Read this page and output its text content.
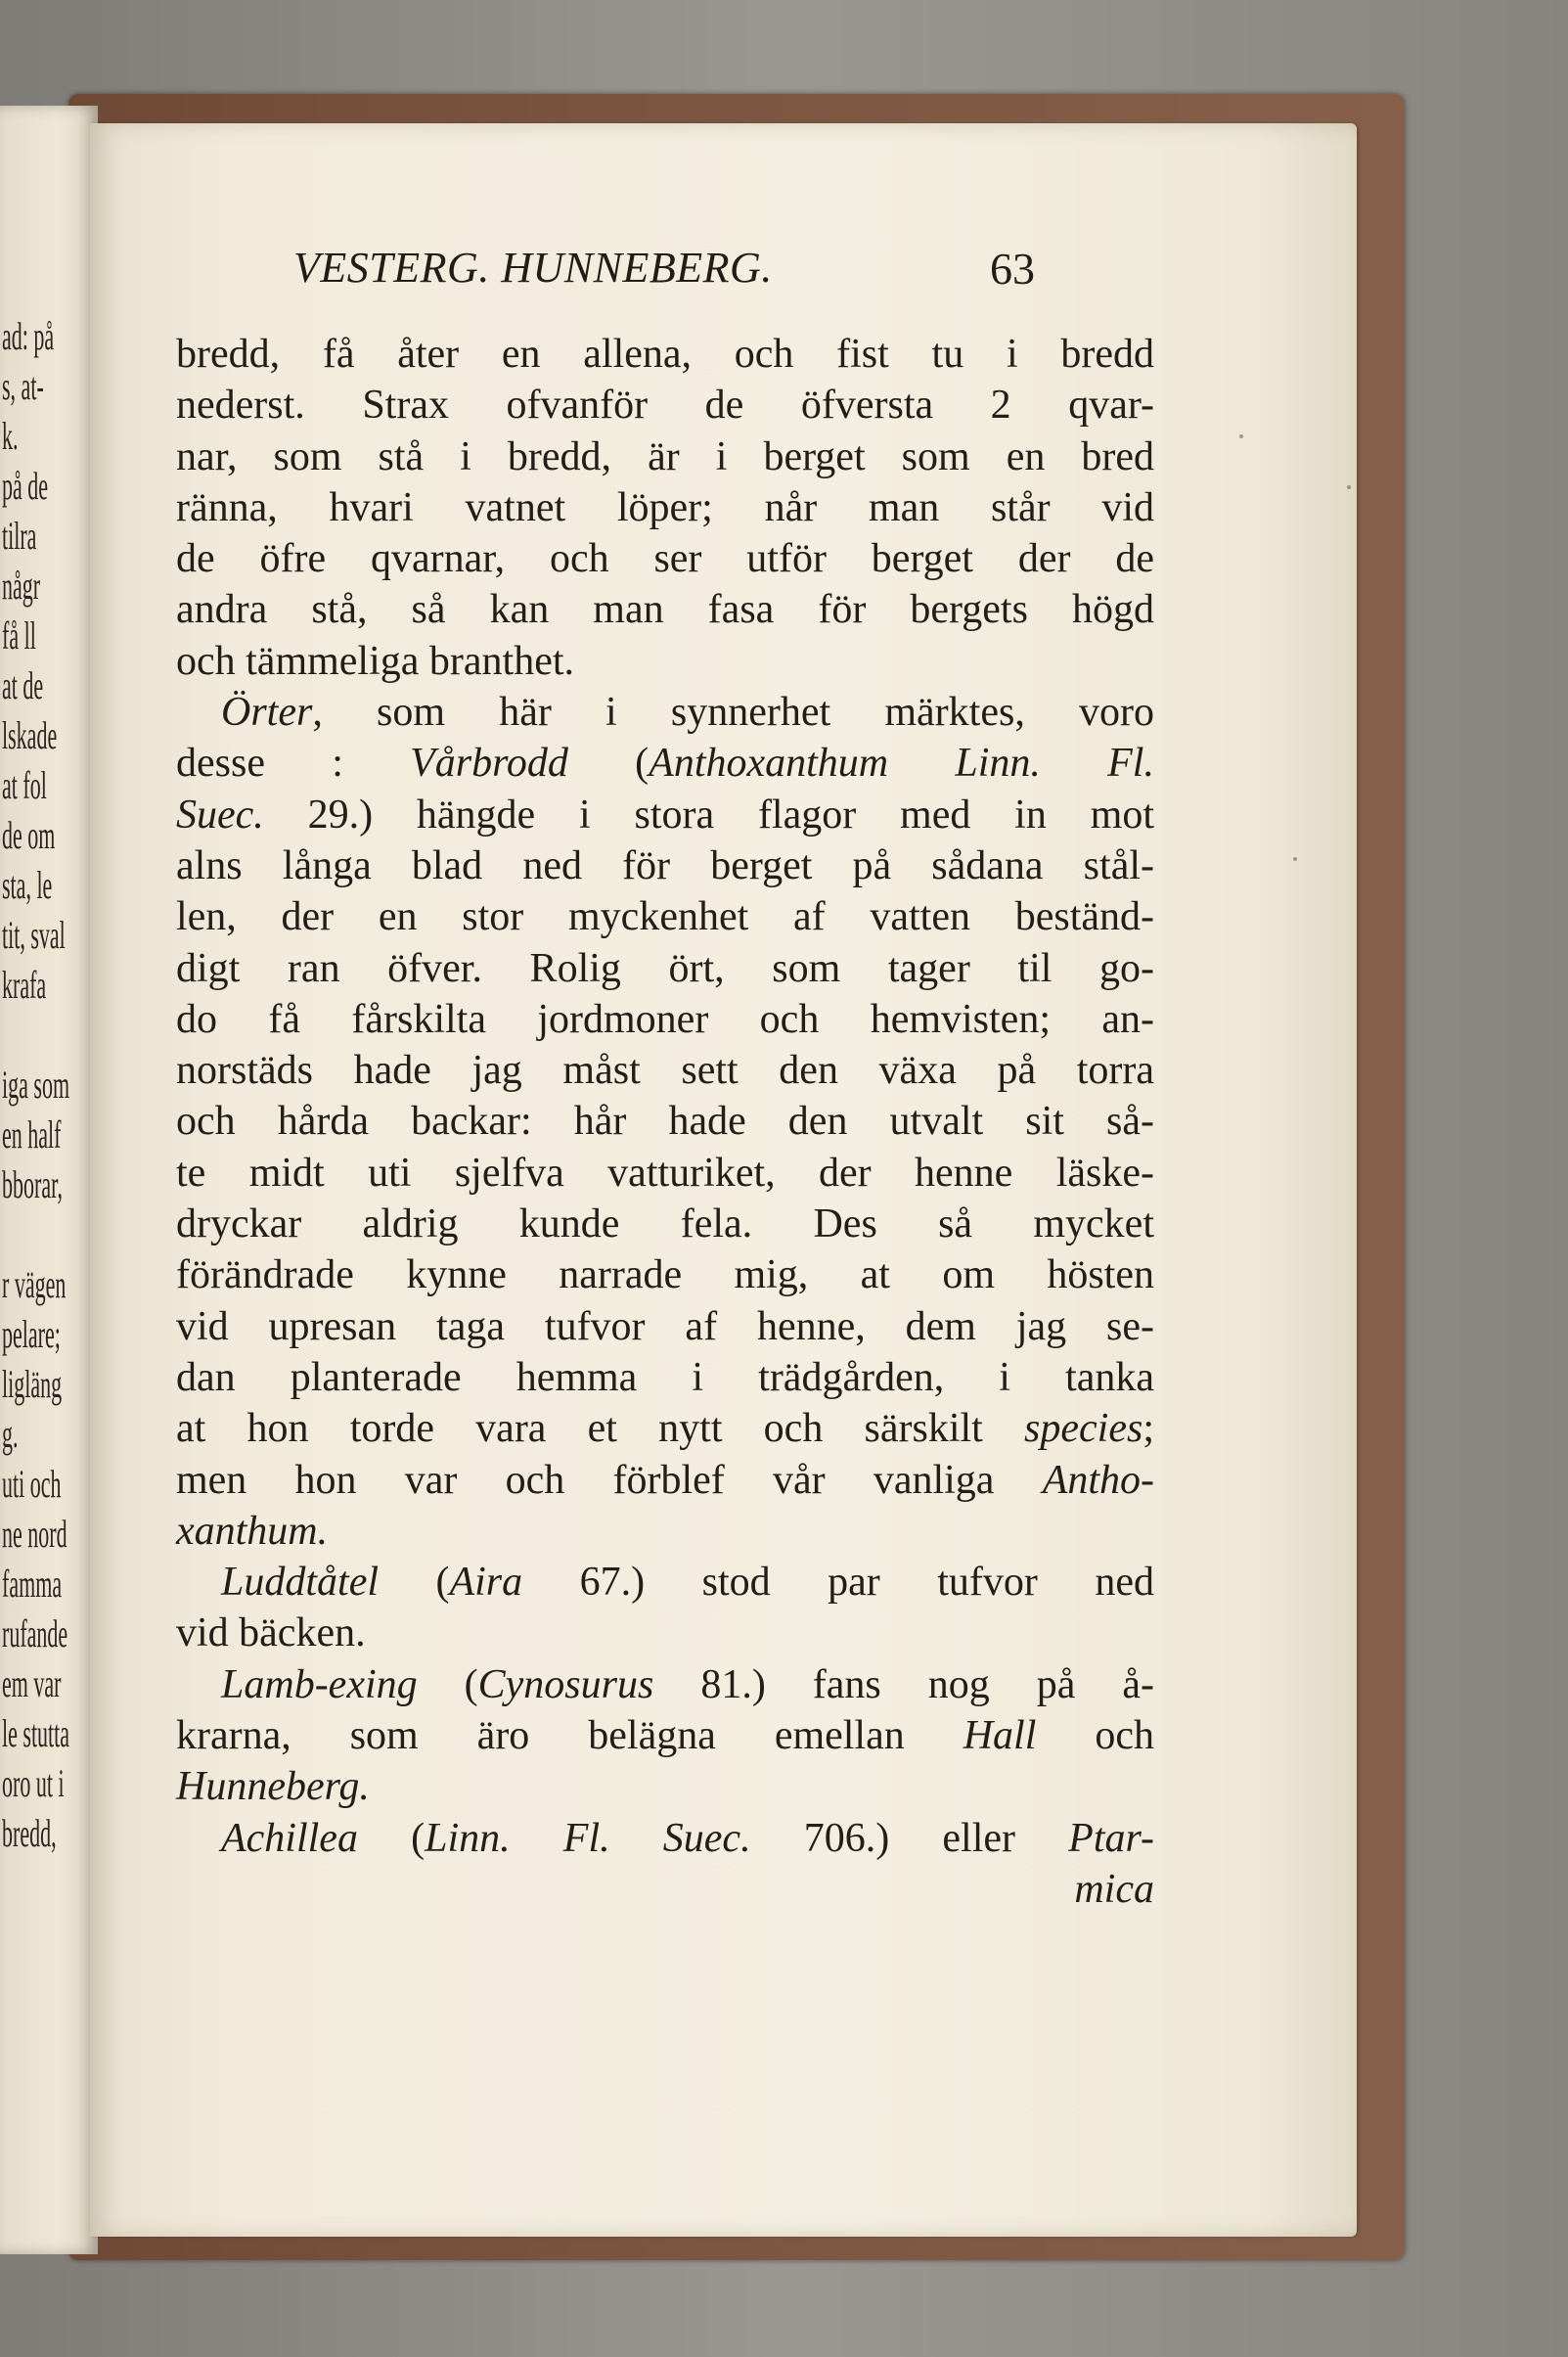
ad: på
s, at-
k.
på de
tilra
någr
få ll
at de
lskade
at fol
de om
sta, le
tit, sval
krafa
iga som
en half
bborar,
r vägen
pelare;
ligläng
g.
uti och
ne nord
famma
rufande
em var
le stutta
oro ut i
bredd,
VESTERG. HUNNEBERG.	63
bredd, få åter en allena, och fist tu i bredd
nederst. Strax ofvanför de öfversta 2 qvar-
nar, som stå i bredd, är i berget som en bred
ränna, hvari vatnet löper; når man står vid
de öfre qvarnar, och ser utför berget der de
andra stå, så kan man fasa för bergets högd
och tämmeliga branthet.
Örter, som här i synnerhet märktes, voro
desse : Vårbrodd (Anthoxanthum Linn. Fl.
Suec. 29.) hängde i stora flagor med in mot
alns långa blad ned för berget på sådana stål-
len, der en stor myckenhet af vatten beständ-
digt ran öfver. Rolig ört, som tager til go-
do få fårskilta jordmoner och hemvisten; an-
norstäds hade jag måst sett den växa på torra
och hårda backar: hår hade den utvalt sit så-
te midt uti sjelfva vatturiket, der henne läske-
dryckar aldrig kunde fela. Des så mycket
förändrade kynne narrade mig, at om hösten
vid upresan taga tufvor af henne, dem jag se-
dan planterade hemma i trädgården, i tanka
at hon torde vara et nytt och särskilt species;
men hon var och förblef vår vanliga Antho-
xanthum.
Luddtåtel (Aira 67.) stod par tufvor ned
vid bäcken.
Lamb-exing (Cynosurus 81.) fans nog på å-
krarna, som äro belägna emellan Hall och
Hunneberg.
Achillea (Linn. Fl. Suec. 706.) eller Ptar-
mica
